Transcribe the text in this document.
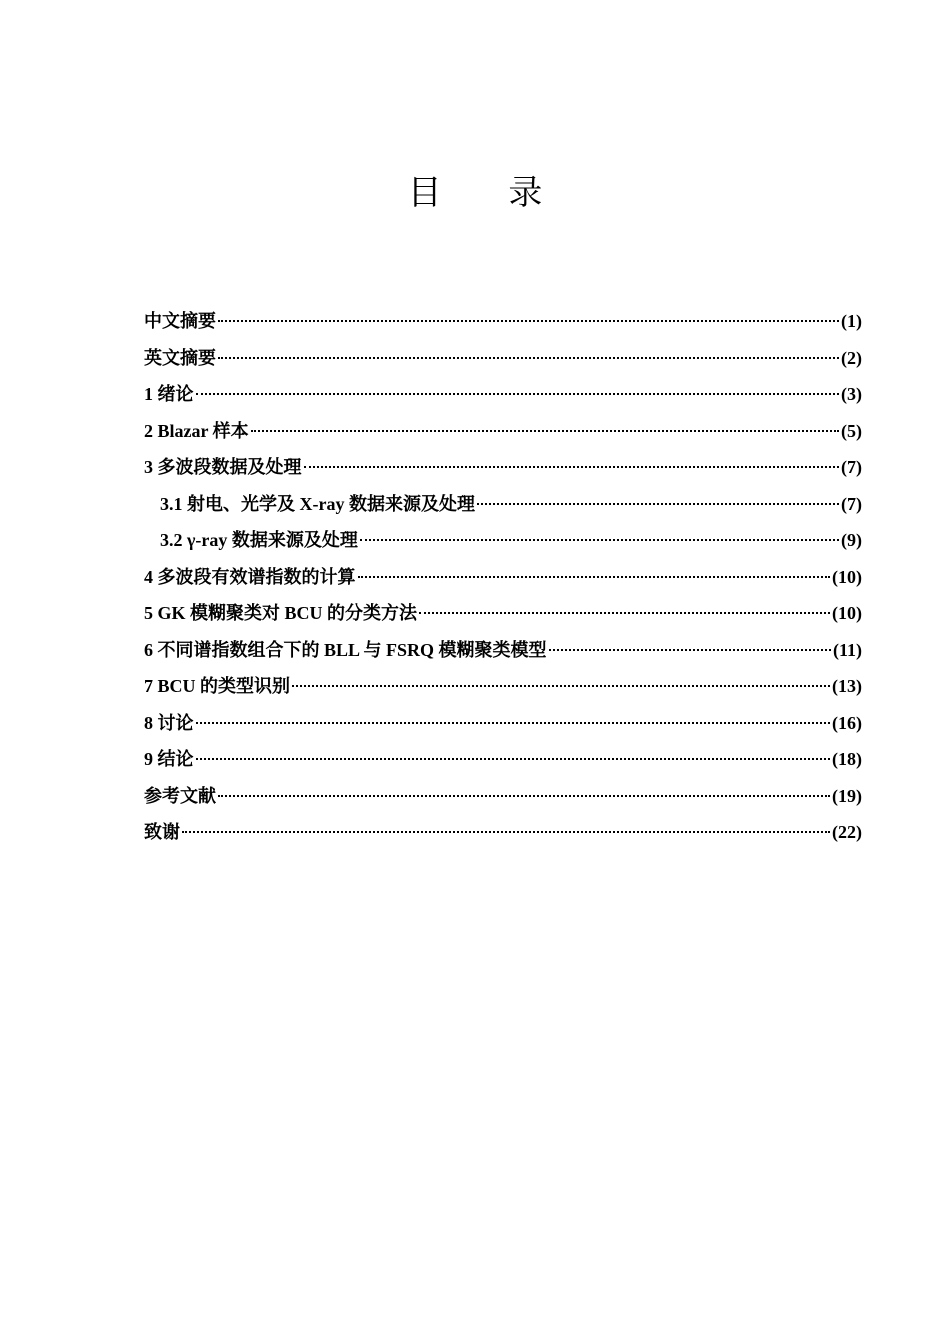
目 录
中文摘要	(1)
英文摘要	(2)
1 绪论	(3)
2 Blazar 样本	(5)
3 多波段数据及处理	(7)
3.1 射电、光学及 X-ray 数据来源及处理	(7)
3.2 γ-ray 数据来源及处理	(9)
4 多波段有效谱指数的计算	(10)
5 GK 模糊聚类对 BCU 的分类方法	(10)
6 不同谱指数组合下的 BLL 与 FSRQ 模糊聚类模型	(11)
7 BCU 的类型识别	(13)
8 讨论	(16)
9 结论	(18)
参考文献	(19)
致谢	(22)
